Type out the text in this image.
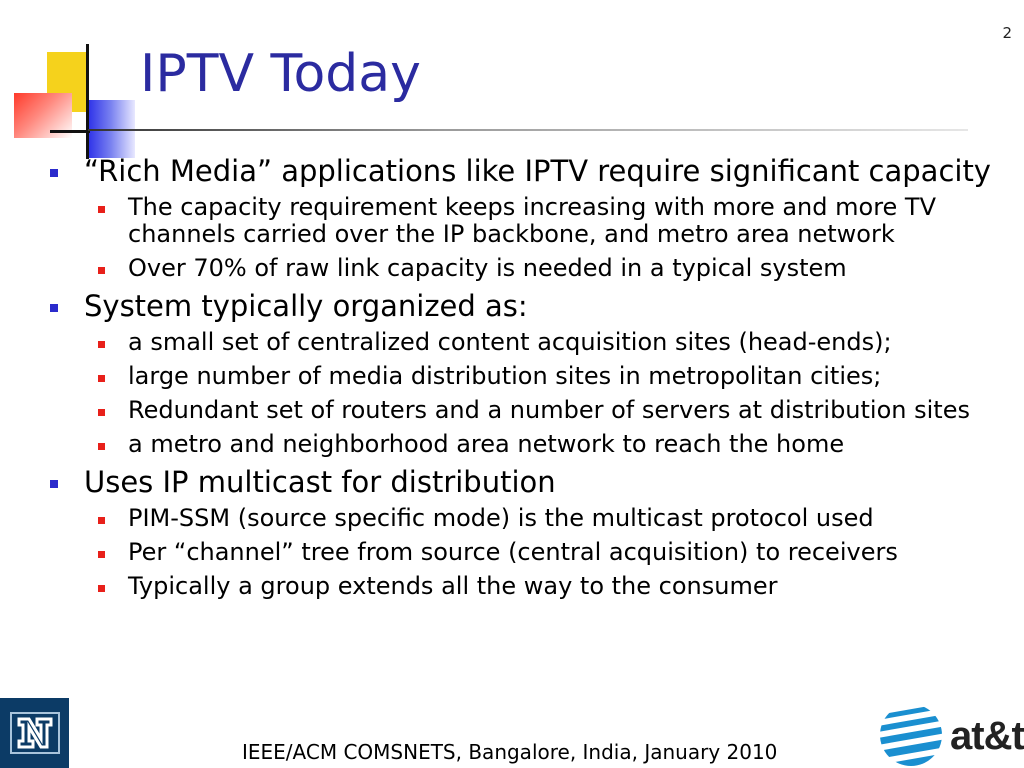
2
IPTV Today
“Rich Media” applications like IPTV require significant capacity
The capacity requirement keeps increasing with more and more TV channels carried over the IP backbone, and metro area network
Over 70% of raw link capacity is needed in a typical system
System typically organized as:
a small set of centralized content acquisition sites (head-ends);
large number of media distribution sites in metropolitan cities;
Redundant set of routers and a number of servers at distribution sites
a metro and neighborhood area network to reach the home
Uses IP multicast for distribution
PIM-SSM (source specific mode) is the multicast protocol used
Per “channel” tree from source (central acquisition) to receivers
Typically a group extends all the way to the consumer
IEEE/ACM COMSNETS, Bangalore, India, January 2010	at&t
